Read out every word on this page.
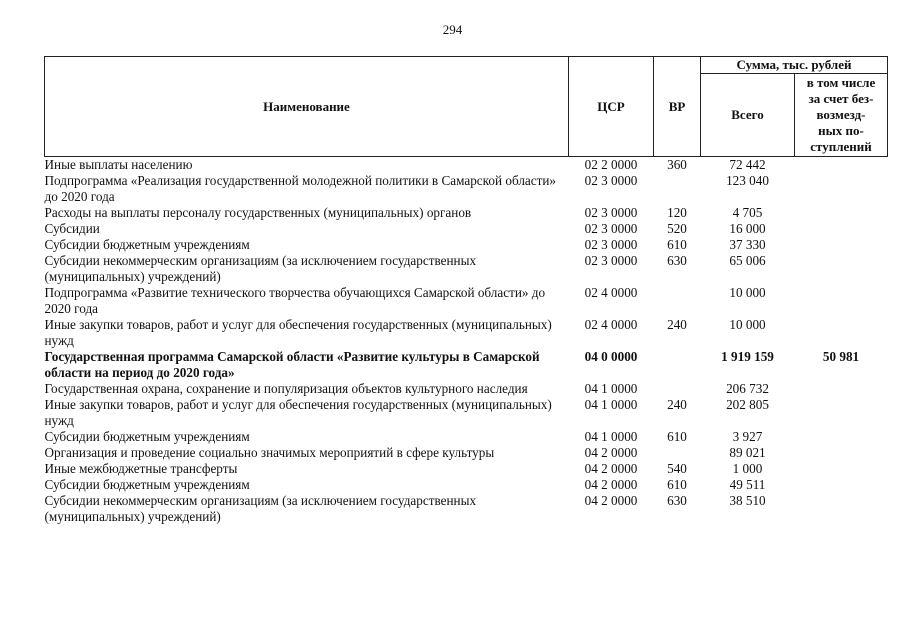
294
Наименование	ЦСР	ВР	Сумма, тыс. рублей	
			Всего	в том числе
за счет без-
возмезд-
ных по-
ступлений

Иные выплаты населению	02 2 0000	360	72 442	
Подпрограмма «Реализация государственной молодежной политики в Самарской области» до 2020 года	02 3 0000		123 040	
Расходы на выплаты персоналу государственных (муниципальных) органов	02 3 0000	120	4 705	
Субсидии	02 3 0000	520	16 000	
Субсидии бюджетным учреждениям	02 3 0000	610	37 330	
Субсидии некоммерческим организациям (за исключением государственных (муниципальных) учреждений)	02 3 0000	630	65 006	
Подпрограмма «Развитие технического творчества обучающихся Самарской области» до 2020 года	02 4 0000		10 000	
Иные закупки товаров, работ и услуг для обеспечения государственных (муниципальных) нужд	02 4 0000	240	10 000	
Государственная программа Самарской области «Развитие культуры в Самарской области на период до 2020 года»	04 0 0000		1 919 159	50 981
Государственная охрана, сохранение и популяризация объектов культурного наследия	04 1 0000		206 732	
Иные закупки товаров, работ и услуг для обеспечения государственных (муниципальных) нужд	04 1 0000	240	202 805	
Субсидии бюджетным учреждениям	04 1 0000	610	3 927	
Организация и проведение социально значимых мероприятий в сфере культуры	04 2 0000		89 021	
Иные межбюджетные трансферты	04 2 0000	540	1 000	
Субсидии бюджетным учреждениям	04 2 0000	610	49 511	
Субсидии некоммерческим организациям (за исключением государственных (муниципальных) учреждений)	04 2 0000	630	38 510	
